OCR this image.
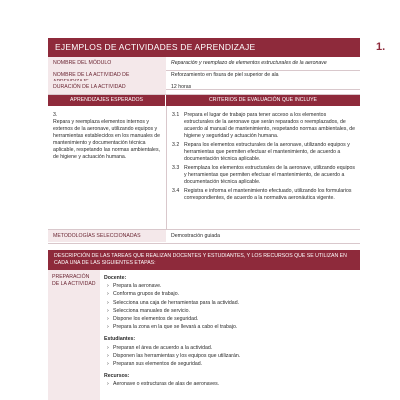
EJEMPLOS DE ACTIVIDADES DE APRENDIZAJE	1.
NOMBRE DEL MÓDULO	Reparación y reemplazo de elementos estructurales de la aeronave
NOMBRE DE LA ACTIVIDAD DE	Reforzamiento en fisura de piel superior de ala
DURACIÓN DE LA ACTIVIDAD	12 horas
APRENDIZAJES ESPERADOS	CRITERIOS DE EVALUACIÓN QUE INCLUYE
3.
Repara y reemplaza elementos internos y externos de la aeronave, utilizando equipos y herramientas establecidos en los manuales de mantenimiento y documentación técnica aplicable, respetando las normas ambientales, de higiene y actuación humana.
3.1 Prepara el lugar de trabajo para tener acceso a los elementos estructurales de la aeronave que serán reparados o reemplazados, de acuerdo al manual de mantenimiento, respetando normas ambientales, de higiene y seguridad y actuación humana.
3.2 Repara los elementos estructurales de la aeronave, utilizando equipos y herramientas que permiten efectuar el mantenimiento, de acuerdo a documentación técnica aplicable.
3.3 Reemplaza los elementos estructurales de la aeronave, utilizando equipos y herramientas que permiten efectuar el mantenimiento, de acuerdo a documentación técnica aplicable.
3.4 Registra e informa el mantenimiento efectuado, utilizando los formularios correspondientes, de acuerdo a la normativa aeronáutica vigente.
METODOLOGÍAS SELECCIONADAS	Demostración guiada
DESCRIPCIÓN DE LAS TAREAS QUE REALIZAN DOCENTES Y ESTUDIANTES, Y LOS RECURSOS QUE SE UTILIZAN EN CADA UNA DE LAS SIGUIENTES ETAPAS:
PREPARACIÓN DE LA ACTIVIDAD
Docente:
› Prepara la aeronave.
› Conforma grupos de trabajo.
› Selecciona una caja de herramientas para la actividad.
› Selecciona manuales de servicio.
› Dispone los elementos de seguridad.
› Prepara la zona en la que se llevará a cabo el trabajo.
Estudiantes:
› Preparan el área de acuerdo a la actividad.
› Disponen las herramientas y los equipos que utilizarán.
› Preparan sus elementos de seguridad.
Recursos:
› Aeronave o estructuras de alas de aeronaves.
